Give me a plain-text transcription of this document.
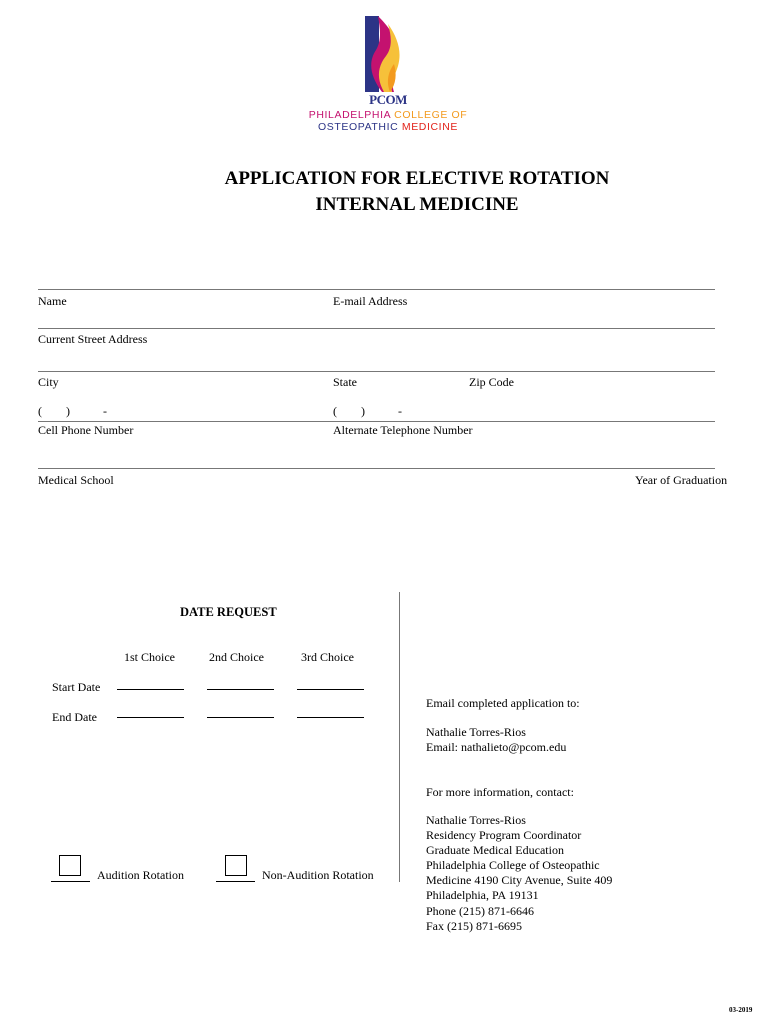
PCOM
PHILADELPHIA COLLEGE OF
OSTEOPATHIC MEDICINE
APPLICATION FOR ELECTIVE ROTATION
INTERNAL MEDICINE
Name	E-mail Address
Current Street Address
City	State	Zip Code
(        )           -	(        )           -
Cell Phone Number	Alternate Telephone Number
Medical School	Year of Graduation
DATE REQUEST
1st Choice	2nd Choice	3rd Choice
Start Date
End Date
Audition Rotation	Non-Audition Rotation
Email completed application to:
Nathalie Torres-Rios
Email: nathalieto@pcom.edu
For more information, contact:

Nathalie Torres-Rios

Residency Program Coordinator

Graduate Medical Education

Philadelphia College of Osteopathic

Medicine 4190 City Avenue, Suite 409

Philadelphia, PA 19131

Phone (215) 871-6646

Fax (215) 871-6695

03-2019
